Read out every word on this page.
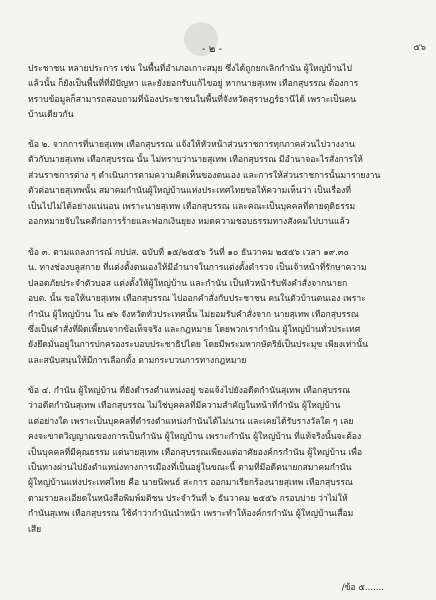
- ๒ -	๕๖

ประชาชน หลายประการ เช่น ในพื้นที่อำเภอเกาะสมุย ซึ่งได้ถูกยกเลิกกำนัน ผู้ใหญ่บ้านไป
แล้วนั้น ก็ยังเป็นพื้นที่ที่มีปัญหา และยังยอกรับแก้ไขอยู่ หากนายสุเทพ เทือกสุบรรณ ต้องการ
ทราบข้อมูลก็สามารถสอบถามที่น้องประชาชนในพื้นที่จังหวัดสุราษฎร์ธานีได้ เพราะเป็นคน
บ้านเดียวกัน

ข้อ ๒. จากการที่นายสุเทพ เทือกสุบรรณ แจ้งให้หัวหน้าส่วนราชการทุกภาคส่วนไปวางงาน
ตัวกับนายสุเทพ เทือกสุบรรณ นั้น ไม่ทราบว่านายสุเทพ เทือกสุบรรณ มีอำนาจอะไรสั่งการให้
ส่วนราชการต่าง ๆ ดำเนินการตามความคิดเห็นของตนเอง และการให้ส่วนราชการนั้นมารายงาน
ตัวต่อนายสุเทพนั้น สมาคมกำนันผู้ใหญ่บ้านแห่งประเทศไทยขอให้ความเห็นว่า เป็นเรื่องที่
เป็นไปไม่ได้อย่างแน่นอน เพราะนายสุเทพ เทือกสุบรรณ และคณะเป็นบุคคลที่ตายตุติธรรม
ออกหมายจับในคดีก่อการร้ายและฟอกเงินยุยง หมดความชอบธรรมทางสังคมไปบานแล้ว

ข้อ ๓. ตามแถลงการณ์ กปปส. ฉบับที่ ๑๕/๒๕๕๖ วันที่ ๑๐ ธันวาคม ๒๕๕๖ เวลา ๑๙.๓๐
น. ทางช่องบลูสกาย ที่แต่งตั้งตนเองให้มีอำนาจในการแต่งตั้งตำรวจ เป็นเจ้าหน้าที่รักษาความ
ปลอดภัยประจำตัวบอส แต่งตั้งให้ผู้ใหญ่บ้าน และกำนัน เป็นหัวหน้ารับฟังคำสั่งจากนายก
อบต. นั้น ขอให้นายสุเทพ เทือกสุบรรณ ไปออกคำสั่งกับประชาชน คนในตัวบ้านตนเอง เพราะ
กำนัน ผู้ใหญ่บ้าน ใน ๗๖ จังหวัดทั่วประเทศนั้น ไม่ยอมรับคำสั่งจาก นายสุเทพ เทือกสุบรรณ
ซึ่งเป็นคำสั่งที่ผิดเพี้ยนจากข้อเท็จจริง และกฎหมาย โดยพวกเรากำนัน ผู้ใหญ่บ้านทั่วประเทศ
ยังยึดมั่นอยู่ในการปกครองระบอบประชาธิปไตย โดยมีพระมหากษัตริย์เป็นประมุข เพียงเท่านั้น
และสนับสนุนให้มีการเลือกตั้ง ตามกระบวนการทางกฎหมาย

ข้อ ๔. กำนัน ผู้ใหญ่บ้าน ที่ยังดำรงตำแหน่งอยู่ ขอแจ้งไปยังอดีตกำนันสุเทพ เทือกสุบรรณ
ว่าอดีตกำนันสุเทพ เทือกสุบรรณ ไม่ใช่บุคคลที่มีความสำคัญในหน้าที่กำนัน ผู้ใหญ่บ้าน
แต่อย่างใด เพราะเป็นบุคคลที่ดำรงตำแหน่งกำนันได้ไม่นาน และเคยได้รับรางวัลใด ๆ เลย
คงจะขาดวิญญาณของการเป็นกำนัน ผู้ใหญ่บ้าน เพราะกำนัน ผู้ใหญ่บ้าน ที่แท้จริงนั้นจะต้อง
เป็นบุคคลที่มีคุณธรรม แต่นายสุเทพ เทือกสุบรรณเพียงแต่อาศัยองค์กรกำนัน ผู้ใหญ่บ้าน เพื่อ
เป็นทางผ่านไปยังตำแหน่งทางการเมืองที่เป็นอยู่ในขณะนี้ ตามที่มีอดีตนายกสมาคมกำนัน
ผู้ใหญ่บ้านแห่งประเทศไทย คือ นายนิพนธ์ สะการ ออกมาเรียกร้องนายสุเทพ เทือกสุบรรณ
ตามรายละเอียดในหนังสือพิมพ์มติชน ประจำวันที่ ๖ ธันวาคม ๒๕๕๖ กรอบบ่าย ว่าไม่ให้
กำนันสุเทพ เทือกสุบรรณ ใช้คำว่ากำนันนำหน้า เพราะทำให้องค์กรกำนัน ผู้ใหญ่บ้านเสื่อม
เสีย

/ข้อ ๕.......
